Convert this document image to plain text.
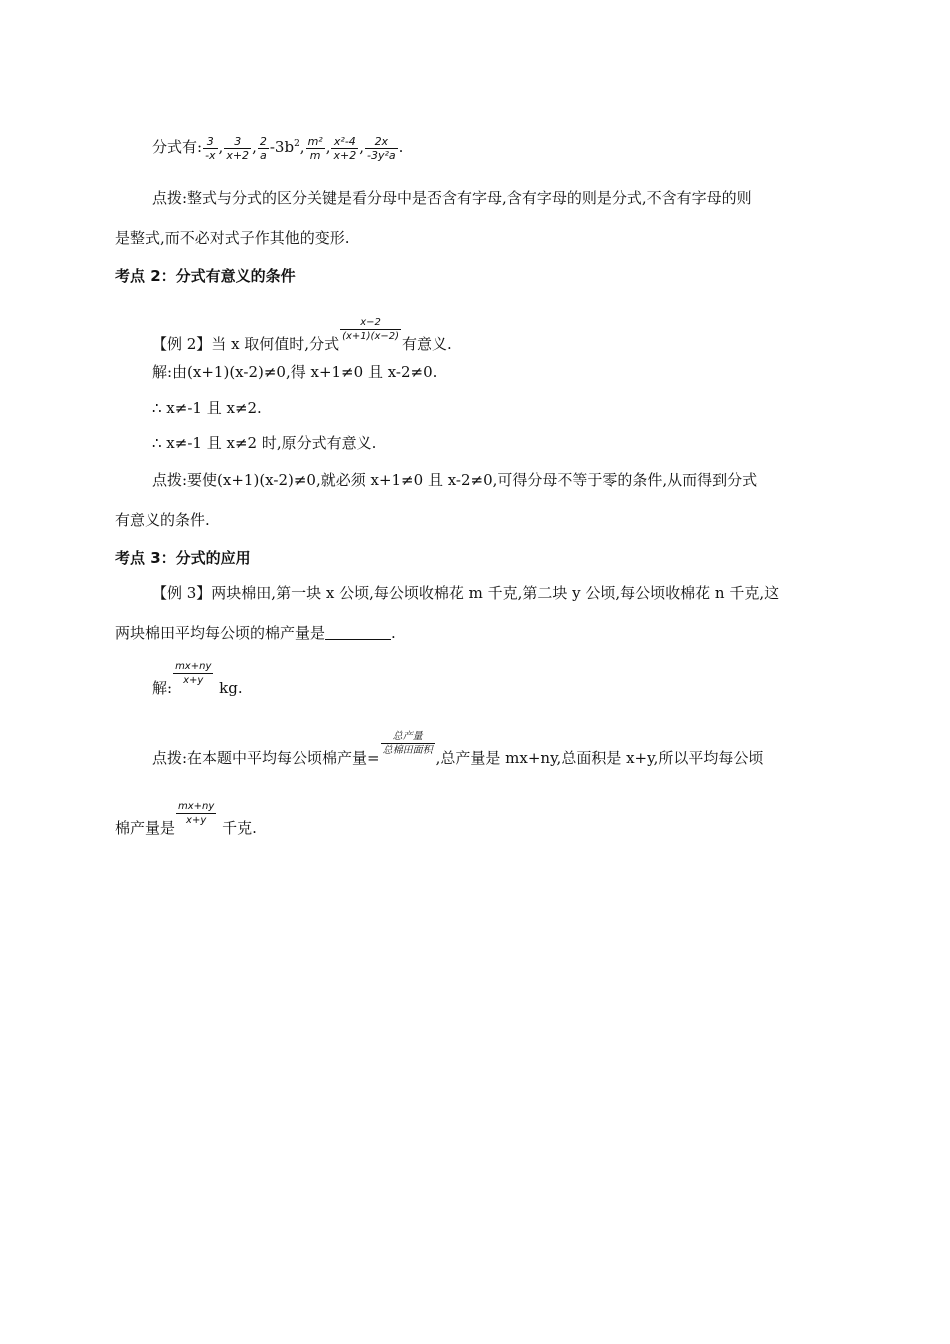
分式有: $\frac{3}{-x}$ , $\frac{3}{x+2}$ , $\frac{2}{a} -3b^2$, $\frac{\text{m²}}{m}$ , $\frac{\text{x²-4}}{x+2}$ , $\frac{2x}{\text{-3y²a}}$ .
点拨:整式与分式的区分关键是看分母中是否含有字母,含有字母的则是分式,不含有字母的则
是整式,而不必对式子作其他的变形.
考点 2：分式有意义的条件
【例 2】当 x 取何值时,分式
$\frac{x-2}{(x+1)(x-2)}$
有意义.
解:由(x+1)(x-2)≠0,得 x+1≠0 且 x-2≠0.
∴ x≠-1 且 x≠2.
∴ x≠-1 且 x≠2 时,原分式有意义.
点拨:要使(x+1)(x-2)≠0,就必须 x+1≠0 且 x-2≠0,可得分母不等于零的条件,从而得到分式
有意义的条件.
考点 3：分式的应用
【例 3】两块棉田,第一块 x 公顷,每公顷收棉花 m 千克,第二块 y 公顷,每公顷收棉花 n 千克,这
两块棉田平均每公顷的棉产量是	.
解:
$\frac{mx+ny}{x+y}$
kg.
点拨:在本题中平均每公顷棉产量=
$\frac{\text{总产量}}{\text{总棉田面积}}$
,总产量是 mx+ny,总面积是 x+y,所以平均每公顷
棉产量是
$\frac{mx+ny}{x+y}$
千克.
